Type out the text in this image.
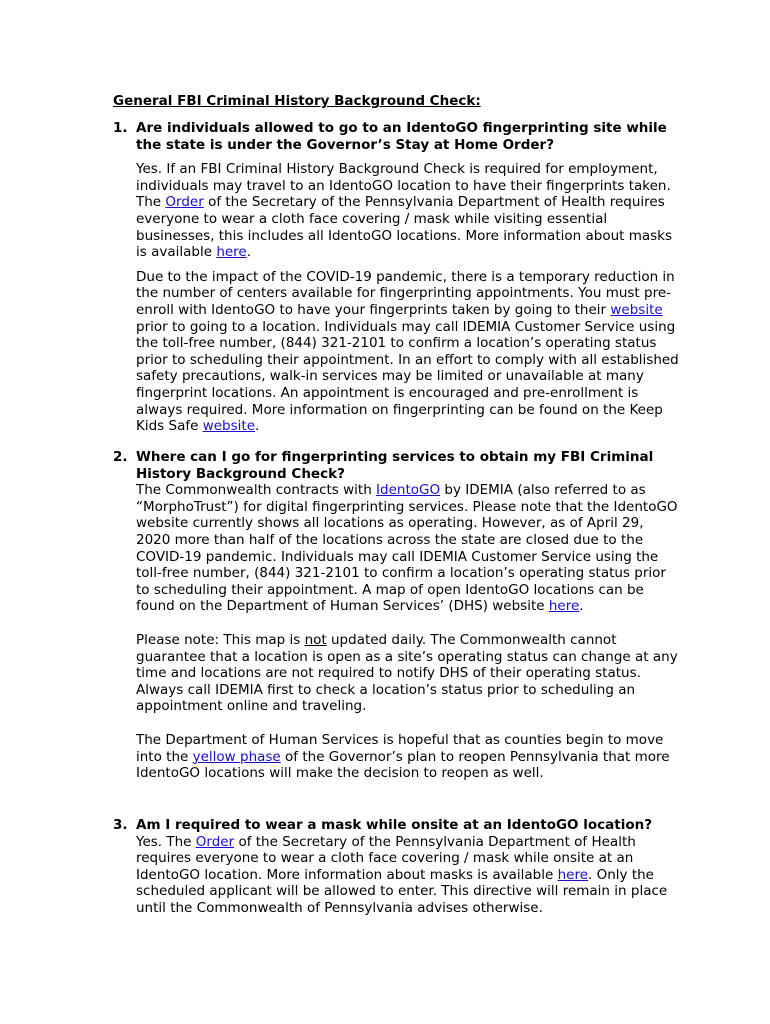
General FBI Criminal History Background Check:

1. Are individuals allowed to go to an IdentoGO fingerprinting site while the state is under the Governor’s Stay at Home Order?

Yes. If an FBI Criminal History Background Check is required for employment, individuals may travel to an IdentoGO location to have their fingerprints taken. The Order of the Secretary of the Pennsylvania Department of Health requires everyone to wear a cloth face covering / mask while visiting essential businesses, this includes all IdentoGO locations. More information about masks is available here.

Due to the impact of the COVID-19 pandemic, there is a temporary reduction in the number of centers available for fingerprinting appointments. You must pre-enroll with IdentoGO to have your fingerprints taken by going to their website prior to going to a location. Individuals may call IDEMIA Customer Service using the toll-free number, (844) 321-2101 to confirm a location’s operating status prior to scheduling their appointment. In an effort to comply with all established safety precautions, walk-in services may be limited or unavailable at many fingerprint locations. An appointment is encouraged and pre-enrollment is always required. More information on fingerprinting can be found on the Keep Kids Safe website.

2. Where can I go for fingerprinting services to obtain my FBI Criminal History Background Check?

The Commonwealth contracts with IdentoGO by IDEMIA (also referred to as “MorphoTrust”) for digital fingerprinting services. Please note that the IdentoGO website currently shows all locations as operating. However, as of April 29, 2020 more than half of the locations across the state are closed due to the COVID-19 pandemic. Individuals may call IDEMIA Customer Service using the toll-free number, (844) 321-2101 to confirm a location’s operating status prior to scheduling their appointment. A map of open IdentoGO locations can be found on the Department of Human Services’ (DHS) website here.

Please note: This map is not updated daily. The Commonwealth cannot guarantee that a location is open as a site’s operating status can change at any time and locations are not required to notify DHS of their operating status. Always call IDEMIA first to check a location’s status prior to scheduling an appointment online and traveling.

The Department of Human Services is hopeful that as counties begin to move into the yellow phase of the Governor’s plan to reopen Pennsylvania that more IdentoGO locations will make the decision to reopen as well.

3. Am I required to wear a mask while onsite at an IdentoGO location?

Yes. The Order of the Secretary of the Pennsylvania Department of Health requires everyone to wear a cloth face covering / mask while onsite at an IdentoGO location. More information about masks is available here. Only the scheduled applicant will be allowed to enter. This directive will remain in place until the Commonwealth of Pennsylvania advises otherwise.
